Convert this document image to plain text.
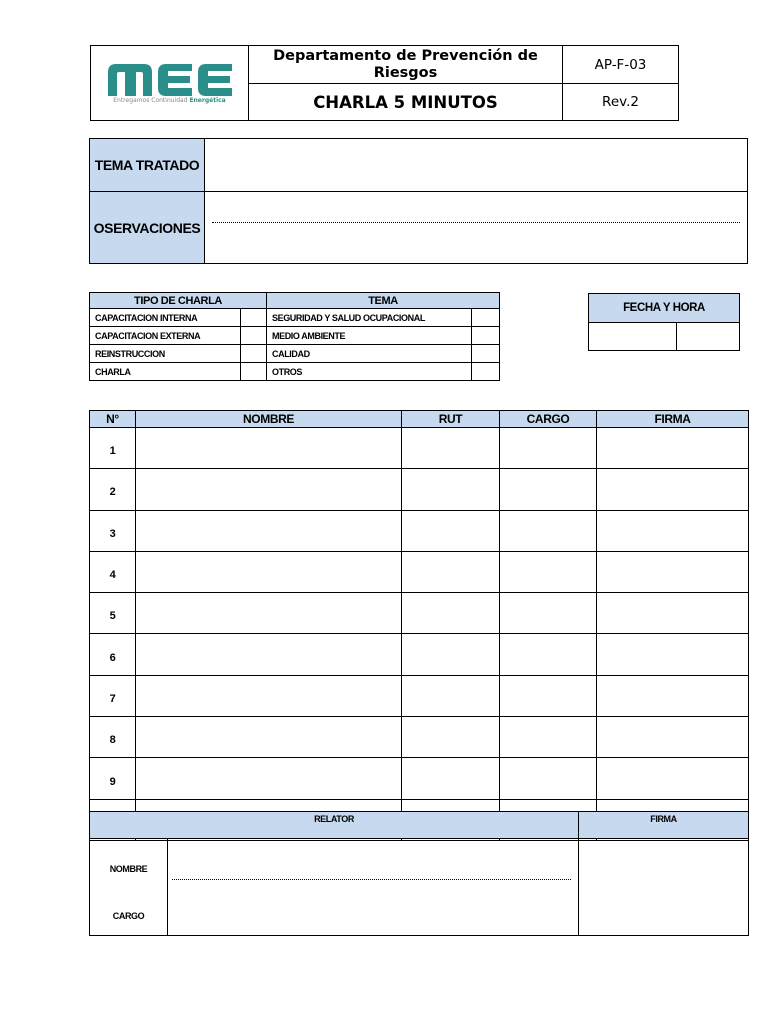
Entregamos Continuidad Energética	Departamento de Prevención de Riesgos	AP-F-03
	CHARLA 5 MINUTOS	Rev.2
TEMA TRATADO	
OSERVACIONES	
TIPO DE CHARLA		TEMA	
CAPACITACION INTERNA		SEGURIDAD Y SALUD OCUPACIONAL	
CAPACITACION EXTERNA		MEDIO AMBIENTE	
REINSTRUCCION		CALIDAD	
CHARLA		OTROS	
FECHA Y HORA

N°	NOMBRE	RUT	CARGO	FIRMA
1				
2				
3				
4				
5				
6				
7				
8				
9				

RELATOR		FIRMA

NOMBRE
CARGO		
